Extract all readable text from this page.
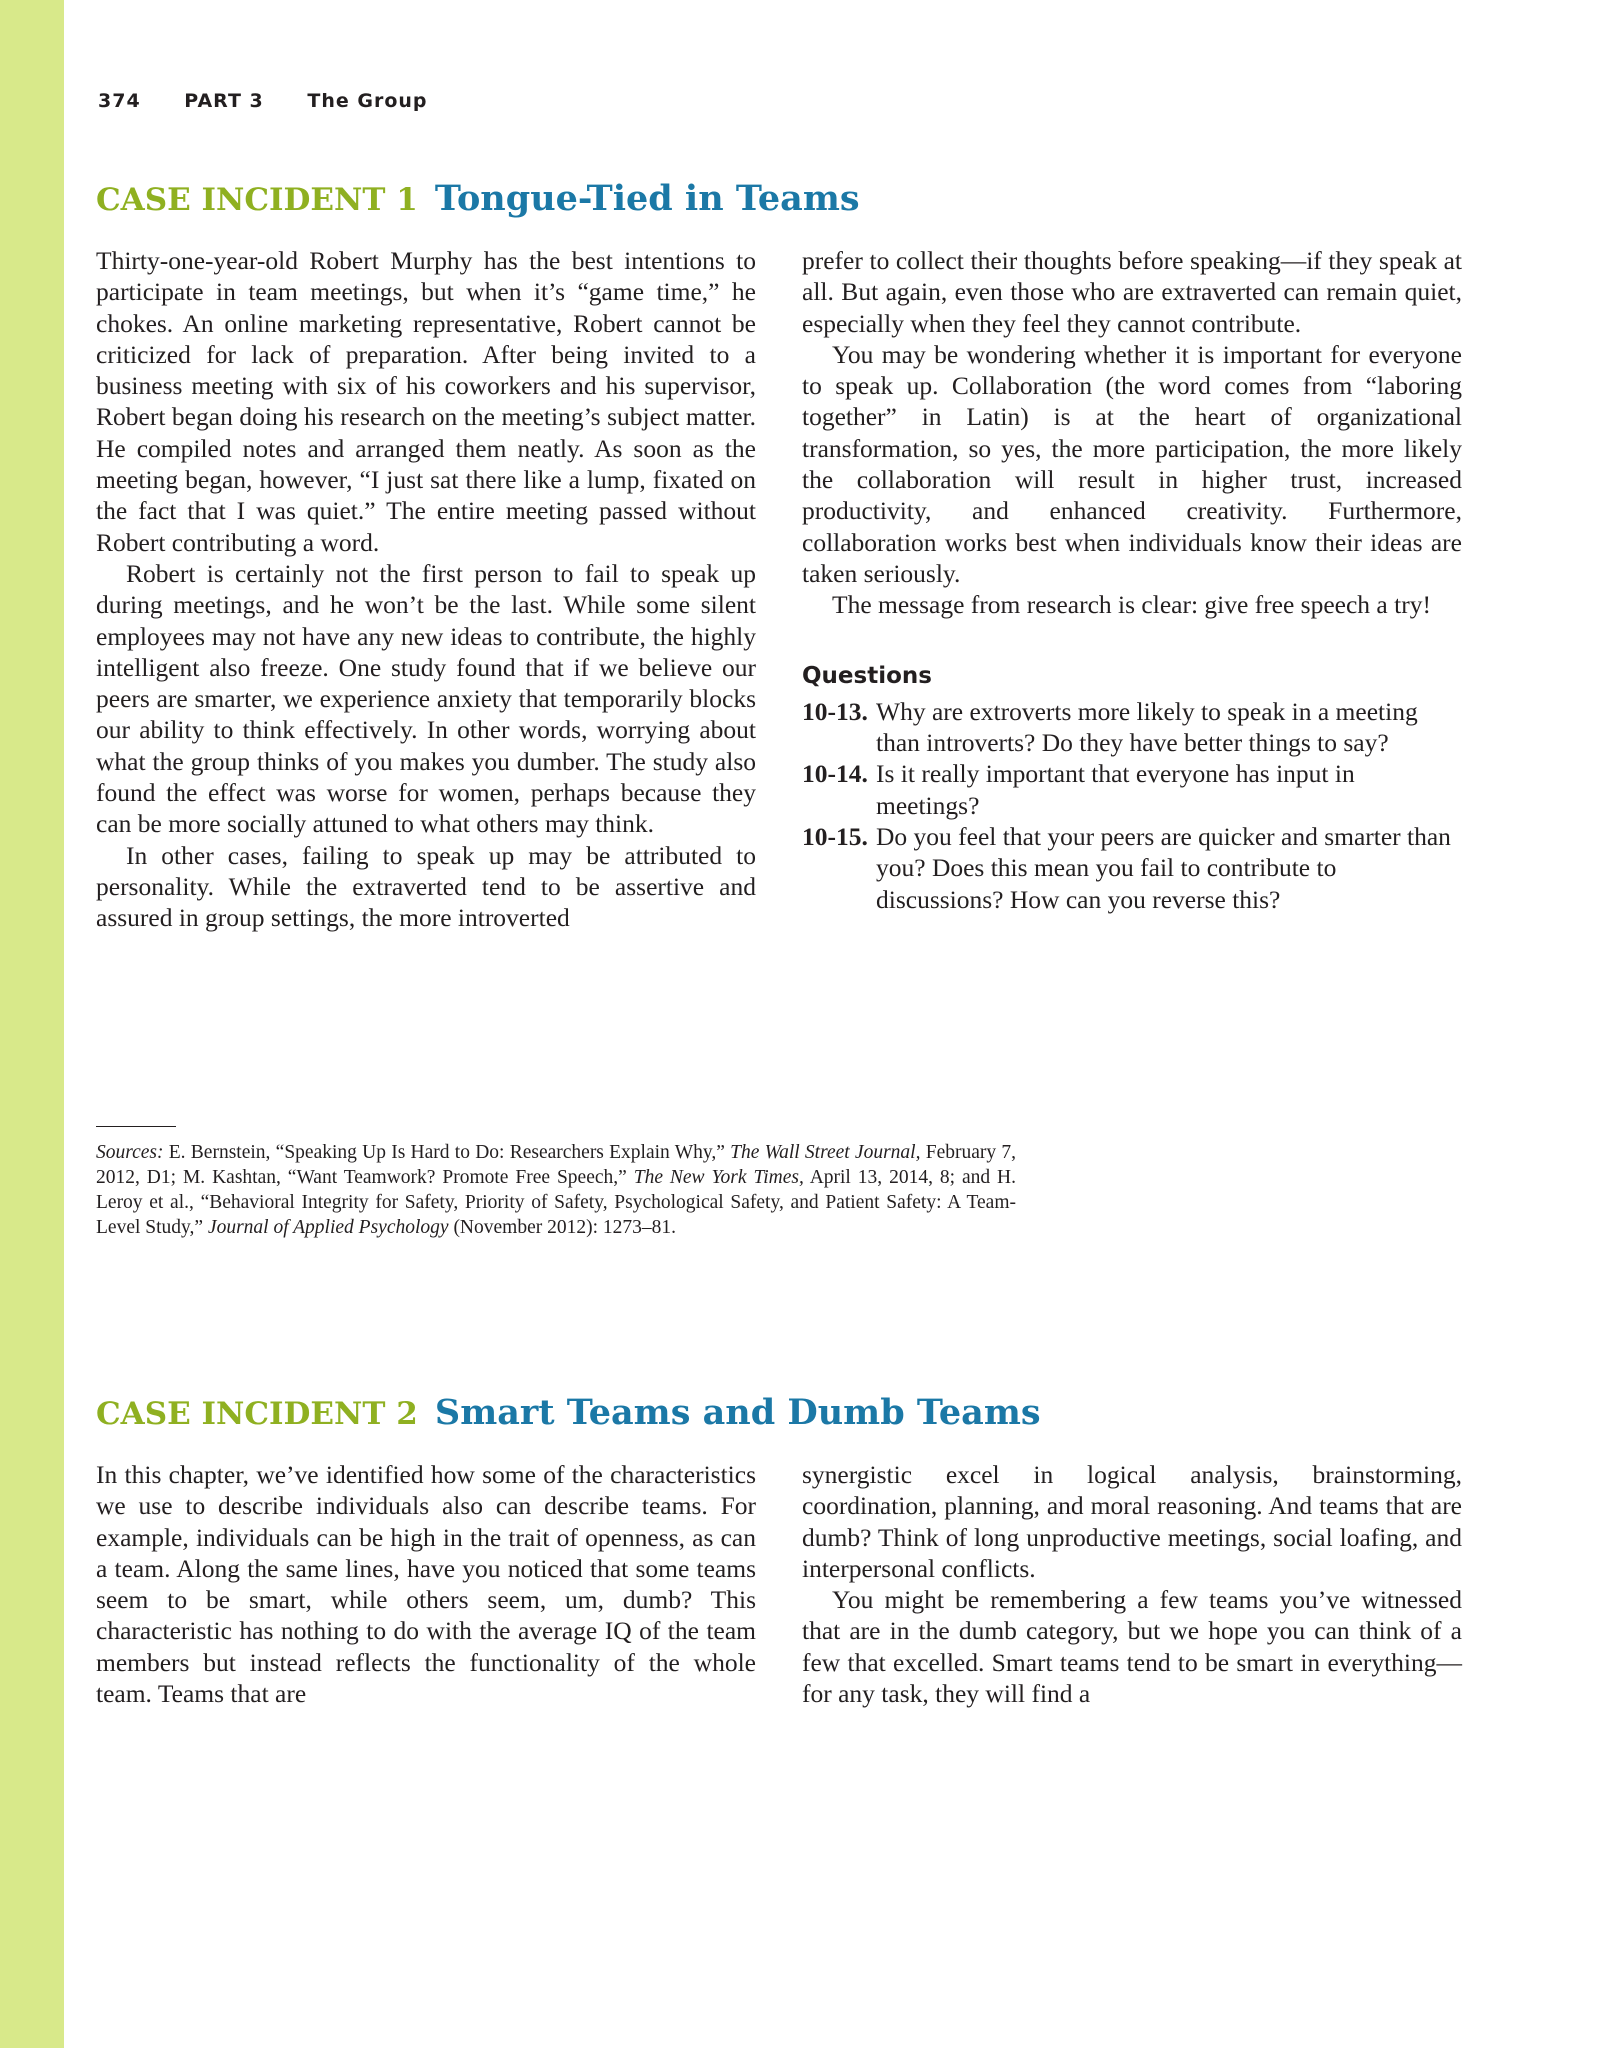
374 PART 3 The Group
CASE INCIDENT 1 Tongue-Tied in Teams

Thirty-one-year-old Robert Murphy has the best intentions to participate in team meetings, but when it’s “game time,” he chokes. An online marketing representative, Robert cannot be criticized for lack of preparation. After being invited to a business meeting with six of his coworkers and his supervisor, Robert began doing his research on the meeting’s subject matter. He compiled notes and arranged them neatly. As soon as the meeting began, however, “I just sat there like a lump, fixated on the fact that I was quiet.” The entire meeting passed without Robert contributing a word.

Robert is certainly not the first person to fail to speak up during meetings, and he won’t be the last. While some silent employees may not have any new ideas to contribute, the highly intelligent also freeze. One study found that if we believe our peers are smarter, we experience anxiety that temporarily blocks our ability to think effectively. In other words, worrying about what the group thinks of you makes you dumber. The study also found the effect was worse for women, perhaps because they can be more socially attuned to what others may think.

In other cases, failing to speak up may be attributed to personality. While the extraverted tend to be assertive and assured in group settings, the more introverted

prefer to collect their thoughts before speaking—if they speak at all. But again, even those who are extraverted can remain quiet, especially when they feel they cannot contribute.

You may be wondering whether it is important for everyone to speak up. Collaboration (the word comes from “laboring together” in Latin) is at the heart of organizational transformation, so yes, the more participation, the more likely the collaboration will result in higher trust, increased productivity, and enhanced creativity. Furthermore, collaboration works best when individuals know their ideas are taken seriously.

The message from research is clear: give free speech a try!

Questions
10-13. Why are extroverts more likely to speak in a meeting than introverts? Do they have better things to say?
10-14. Is it really important that everyone has input in meetings?
10-15. Do you feel that your peers are quicker and smarter than you? Does this mean you fail to contribute to discussions? How can you reverse this?
Sources: E. Bernstein, “Speaking Up Is Hard to Do: Researchers Explain Why,” The Wall Street Journal, February 7, 2012, D1; M. Kashtan, “Want Teamwork? Promote Free Speech,” The New York Times, April 13, 2014, 8; and H. Leroy et al., “Behavioral Integrity for Safety, Priority of Safety, Psychological Safety, and Patient Safety: A Team-Level Study,” Journal of Applied Psychology (November 2012): 1273–81.
CASE INCIDENT 2 Smart Teams and Dumb Teams

In this chapter, we’ve identified how some of the characteristics we use to describe individuals also can describe teams. For example, individuals can be high in the trait of openness, as can a team. Along the same lines, have you noticed that some teams seem to be smart, while others seem, um, dumb? This characteristic has nothing to do with the average IQ of the team members but instead reflects the functionality of the whole team. Teams that are

synergistic excel in logical analysis, brainstorming, coordination, planning, and moral reasoning. And teams that are dumb? Think of long unproductive meetings, social loafing, and interpersonal conflicts.

You might be remembering a few teams you’ve witnessed that are in the dumb category, but we hope you can think of a few that excelled. Smart teams tend to be smart in everything—for any task, they will find a
